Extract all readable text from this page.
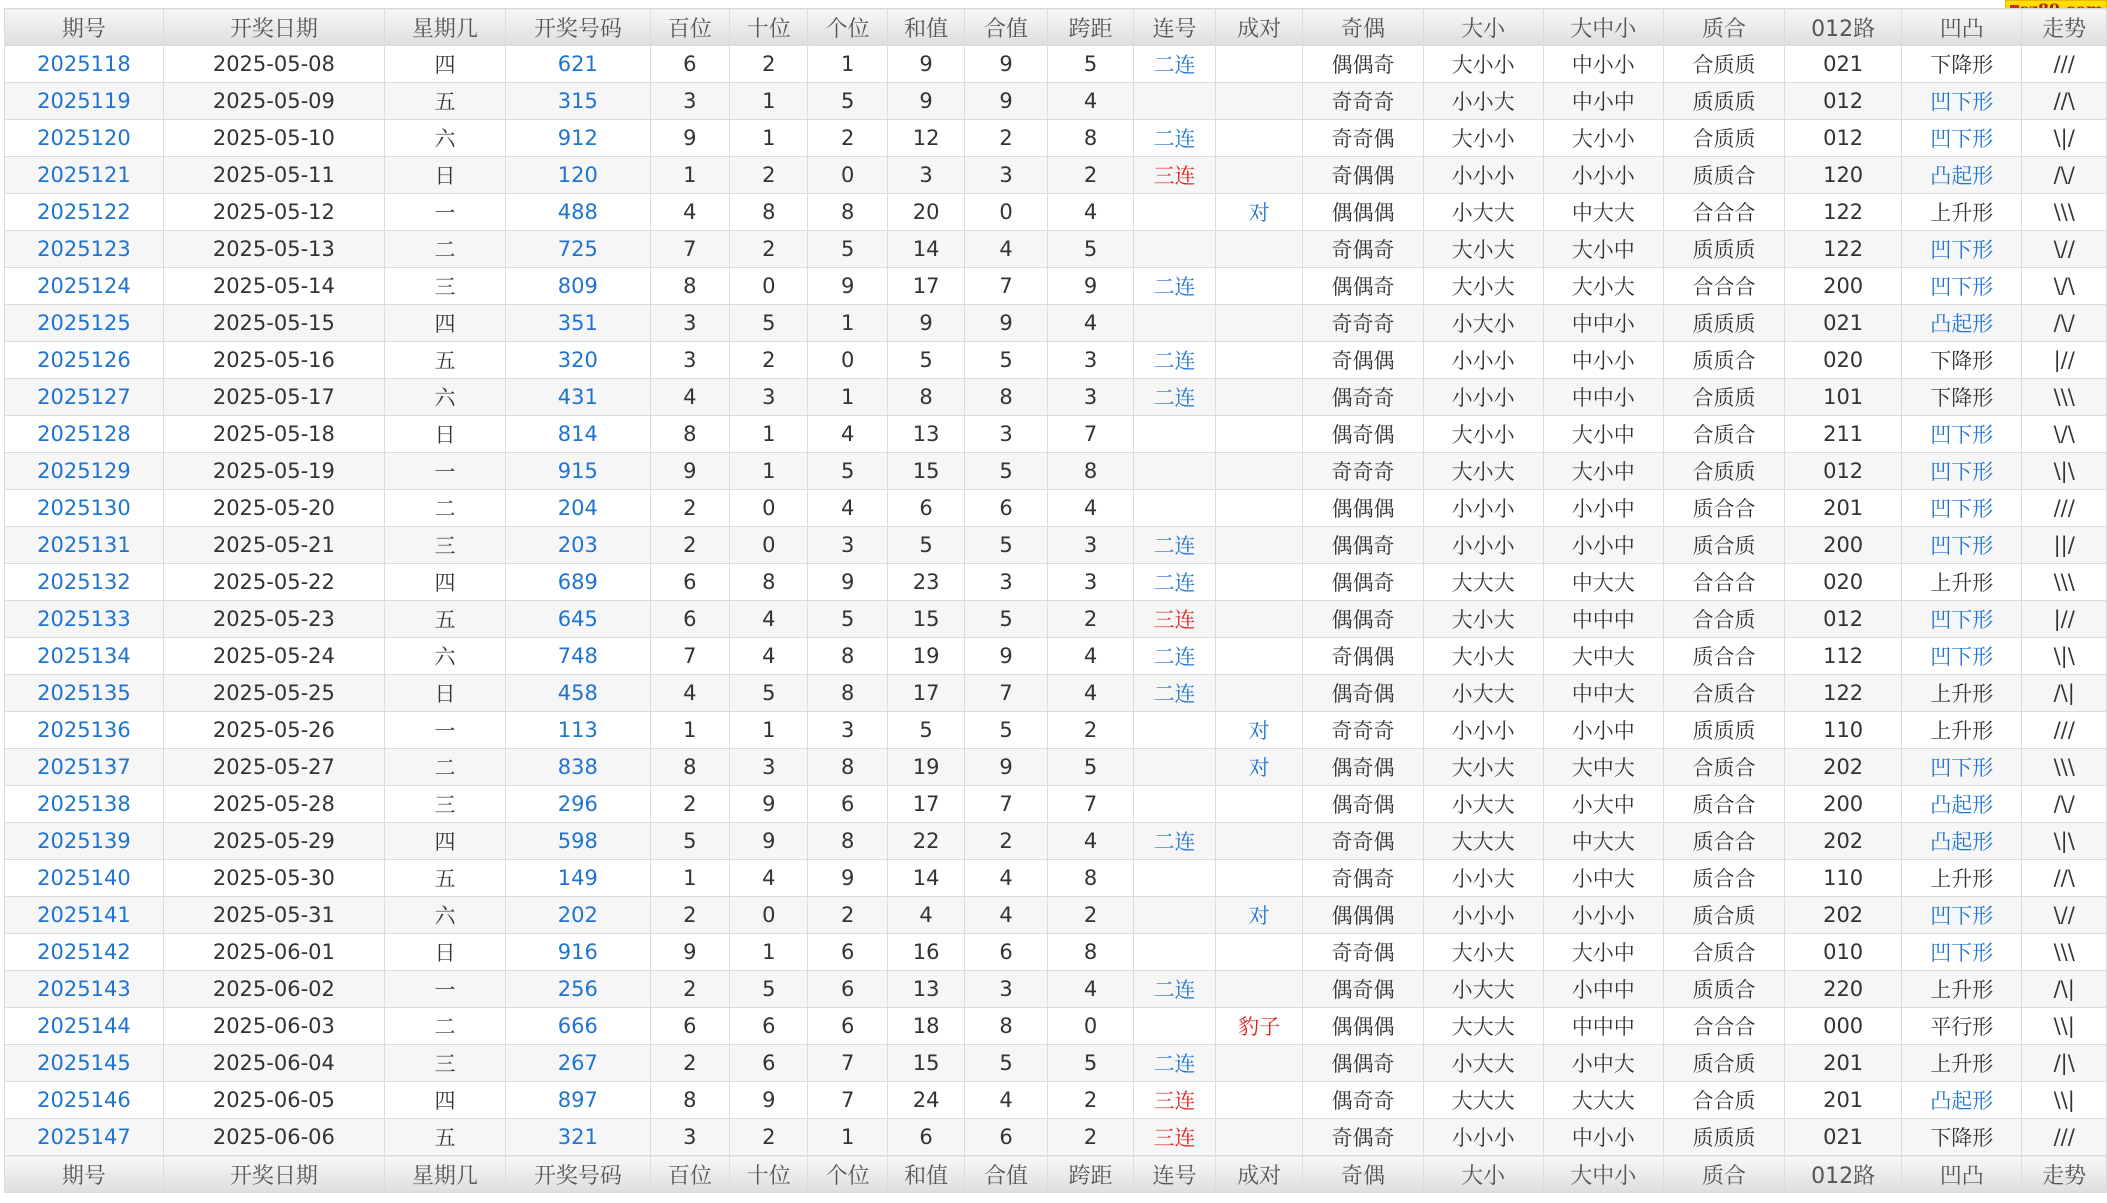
期号	开奖日期	星期几	开奖号码	百位	十位	个位	和值	合值	跨距	连号	成对	奇偶	大小	大中小	质合	012路	凹凸	走势
2025118	2025-05-08	四	621	6	2	1	9	9	5	二连		偶偶奇	大小小	中小小	合质质	021	下降形	///
2025119	2025-05-09	五	315	3	1	5	9	9	4			奇奇奇	小小大	中小中	质质质	012	凹下形	//\
2025120	2025-05-10	六	912	9	1	2	12	2	8	二连		奇奇偶	大小小	大小小	合质质	012	凹下形	\|/
2025121	2025-05-11	日	120	1	2	0	3	3	2	三连		奇偶偶	小小小	小小小	质质合	120	凸起形	/\/
2025122	2025-05-12	一	488	4	8	8	20	0	4		对	偶偶偶	小大大	中大大	合合合	122	上升形	\\\
2025123	2025-05-13	二	725	7	2	5	14	4	5			奇偶奇	大小大	大小中	质质质	122	凹下形	\//
2025124	2025-05-14	三	809	8	0	9	17	7	9	二连		偶偶奇	大小大	大小大	合合合	200	凹下形	\/\
2025125	2025-05-15	四	351	3	5	1	9	9	4			奇奇奇	小大小	中中小	质质质	021	凸起形	/\/
2025126	2025-05-16	五	320	3	2	0	5	5	3	二连		奇偶偶	小小小	中小小	质质合	020	下降形	|//
2025127	2025-05-17	六	431	4	3	1	8	8	3	二连		偶奇奇	小小小	中中小	合质质	101	下降形	\\\
2025128	2025-05-18	日	814	8	1	4	13	3	7			偶奇偶	大小小	大小中	合质合	211	凹下形	\/\
2025129	2025-05-19	一	915	9	1	5	15	5	8			奇奇奇	大小大	大小中	合质质	012	凹下形	\|\
2025130	2025-05-20	二	204	2	0	4	6	6	4			偶偶偶	小小小	小小中	质合合	201	凹下形	///
2025131	2025-05-21	三	203	2	0	3	5	5	3	二连		偶偶奇	小小小	小小中	质合质	200	凹下形	||/
2025132	2025-05-22	四	689	6	8	9	23	3	3	二连		偶偶奇	大大大	中大大	合合合	020	上升形	\\\
2025133	2025-05-23	五	645	6	4	5	15	5	2	三连		偶偶奇	大小大	中中中	合合质	012	凹下形	|//
2025134	2025-05-24	六	748	7	4	8	19	9	4	二连		奇偶偶	大小大	大中大	质合合	112	凹下形	\|\
2025135	2025-05-25	日	458	4	5	8	17	7	4	二连		偶奇偶	小大大	中中大	合质合	122	上升形	/\|
2025136	2025-05-26	一	113	1	1	3	5	5	2		对	奇奇奇	小小小	小小中	质质质	110	上升形	///
2025137	2025-05-27	二	838	8	3	8	19	9	5		对	偶奇偶	大小大	大中大	合质合	202	凹下形	\\\
2025138	2025-05-28	三	296	2	9	6	17	7	7			偶奇偶	小大大	小大中	质合合	200	凸起形	/\/
2025139	2025-05-29	四	598	5	9	8	22	2	4	二连		奇奇偶	大大大	中大大	质合合	202	凸起形	\|\
2025140	2025-05-30	五	149	1	4	9	14	4	8			奇偶奇	小小大	小中大	质合合	110	上升形	//\
2025141	2025-05-31	六	202	2	0	2	4	4	2		对	偶偶偶	小小小	小小小	质合质	202	凹下形	\//
2025142	2025-06-01	日	916	9	1	6	16	6	8			奇奇偶	大小大	大小中	合质合	010	凹下形	\\\
2025143	2025-06-02	一	256	2	5	6	13	3	4	二连		偶奇偶	小大大	小中中	质质合	220	上升形	/\|
2025144	2025-06-03	二	666	6	6	6	18	8	0		豹子	偶偶偶	大大大	中中中	合合合	000	平行形	\\|
2025145	2025-06-04	三	267	2	6	7	15	5	5	二连		偶偶奇	小大大	小中大	质合质	201	上升形	/|\
2025146	2025-06-05	四	897	8	9	7	24	4	2	三连		偶奇奇	大大大	大大大	合合质	201	凸起形	\\|
2025147	2025-06-06	五	321	3	2	1	6	6	2	三连		奇偶奇	小小小	中小小	质质质	021	下降形	///
期号	开奖日期	星期几	开奖号码	百位	十位	个位	和值	合值	跨距	连号	成对	奇偶	大小	大中小	质合	012路	凹凸	走势
